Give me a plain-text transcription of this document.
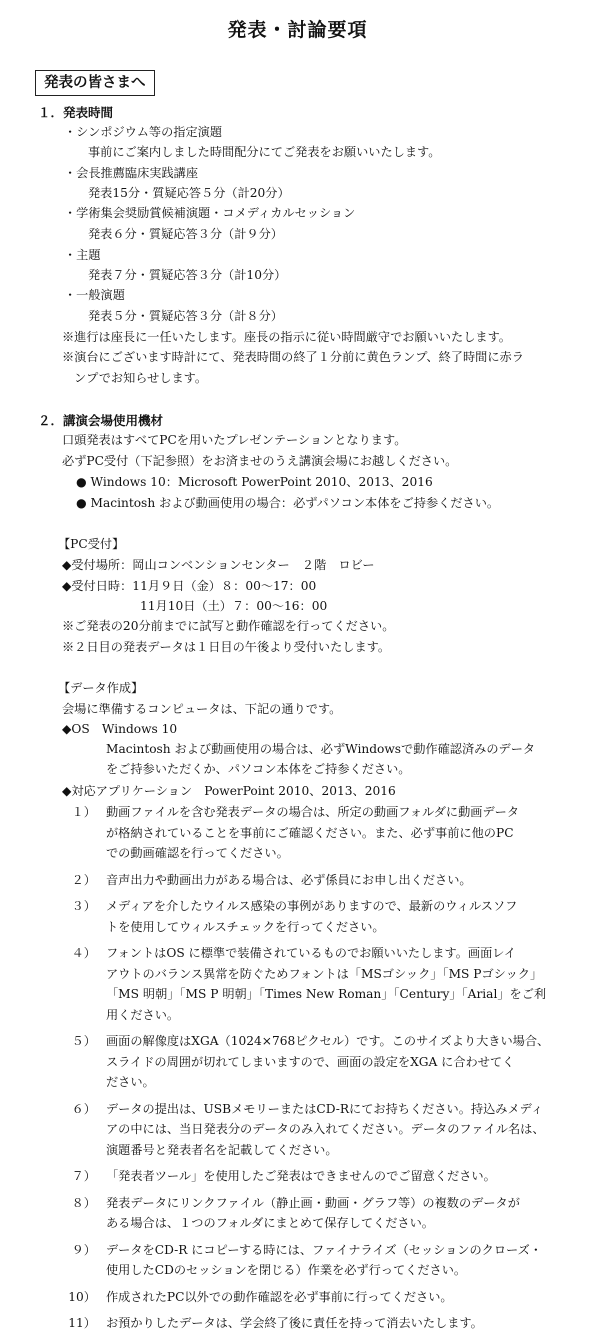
発表・討論要項
発表の皆さまへ
１．発表時間
・シンポジウム等の指定演題
事前にご案内しました時間配分にてご発表をお願いいたします。
・会長推薦臨床実践講座
発表15分・質疑応答５分（計20分）
・学術集会奨励賞候補演題・コメディカルセッション
発表６分・質疑応答３分（計９分）
・主題
発表７分・質疑応答３分（計10分）
・一般演題
発表５分・質疑応答３分（計８分）
※進行は座長に一任いたします。座長の指示に従い時間厳守でお願いいたします。
※演台にございます時計にて、発表時間の終了１分前に黄色ランプ、終了時間に赤ラ
ンプでお知らせします。
２．講演会場使用機材
口頭発表はすべてPCを用いたプレゼンテーションとなります。
必ずPC受付（下記参照）をお済ませのうえ講演会場にお越しください。
● Windows 10：Microsoft PowerPoint 2010、2013、2016
● Macintosh および動画使用の場合：必ずパソコン本体をご持参ください。
【PC受付】
◆受付場所：岡山コンベンションセンター　２階　ロビー
◆受付日時：11月９日（金）８：00〜17：00
11月10日（土）７：00〜16：00
※ご発表の20分前までに試写と動作確認を行ってください。
※２日目の発表データは１日目の午後より受付いたします。
【データ作成】
会場に準備するコンピュータは、下記の通りです。
◆OS　Windows 10
Macintosh および動画使用の場合は、必ずWindowsで動作確認済みのデータ
をご持参いただくか、パソコン本体をご持参ください。
◆対応アプリケーション　PowerPoint 2010、2013、2016
１） 動画ファイルを含む発表データの場合は、所定の動画フォルダに動画データ
が格納されていることを事前にご確認ください。また、必ず事前に他のPC
での動画確認を行ってください。
２） 音声出力や動画出力がある場合は、必ず係員にお申し出ください。
３） メディアを介したウイルス感染の事例がありますので、最新のウィルスソフ
トを使用してウィルスチェックを行ってください。
４） フォントはOS に標準で装備されているものでお願いいたします。画面レイ
アウトのバランス異常を防ぐためフォントは「MSゴシック」「MS Pゴシック」
「MS 明朝」「MS P 明朝」「Times New Roman」「Century」「Arial」をご利
用ください。
５） 画面の解像度はXGA（1024×768ピクセル）です。このサイズより大きい場合、
スライドの周囲が切れてしまいますので、画面の設定をXGA に合わせてく
ださい。
６） データの提出は、USBメモリーまたはCD-Rにてお持ちください。持込みメディ
アの中には、当日発表分のデータのみ入れてください。データのファイル名は、
演題番号と発表者名を記載してください。
７） 「発表者ツール」を使用したご発表はできませんのでご留意ください。
８） 発表データにリンクファイル（静止画・動画・グラフ等）の複数のデータが
ある場合は、１つのフォルダにまとめて保存してください。
９） データをCD-R にコピーする時には、ファイナライズ（セッションのクローズ・
使用したCDのセッションを閉じる）作業を必ず行ってください。
10） 作成されたPC以外での動作確認を必ず事前に行ってください。
11） お預かりしたデータは、学会終了後に責任を持って消去いたします。
